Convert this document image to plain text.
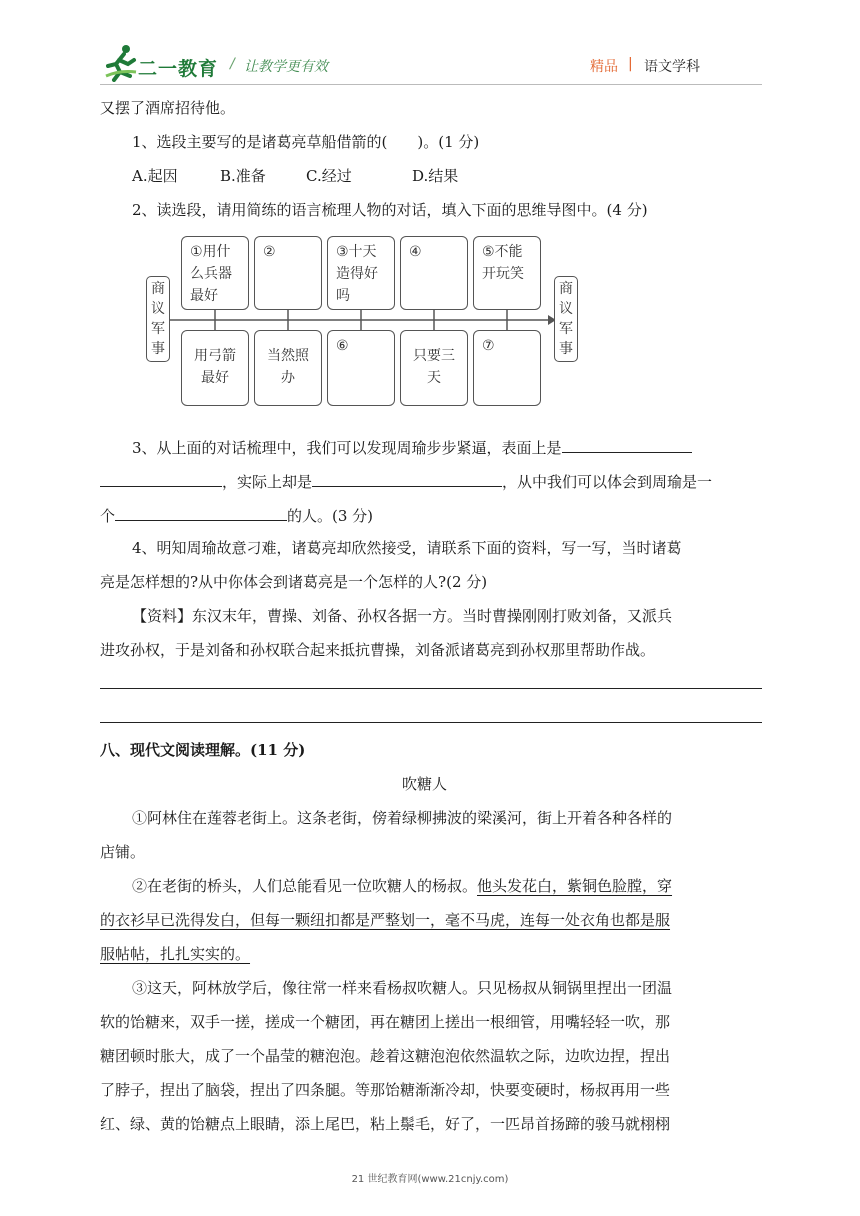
二一教育 / 让教学更有效	精品 | 语文学科
又摆了酒席招待他。
1、选段主要写的是诸葛亮草船借箭的(　　)。(1 分)
A.起因	B.准备	C.经过	D.结果
2、读选段，请用简练的语言梳理人物的对话，填入下面的思维导图中。(4 分)
商
议
军
事
商
议
军
事
①用什
么兵器
最好
②	③十天
造得好
吗
④	⑤不能
开玩笑
用弓箭
最好
当然照
办
⑥
只要三
天
⑦
3、从上面的对话梳理中，我们可以发现周瑜步步紧逼，表面上是
，实际上却是	，从中我们可以体会到周瑜是一
个	的人。(3 分)
4、明知周瑜故意刁难，诸葛亮却欣然接受，请联系下面的资料，写一写，当时诸葛
亮是怎样想的?从中你体会到诸葛亮是一个怎样的人?(2 分)
【资料】东汉末年，曹操、刘备、孙权各据一方。当时曹操刚刚打败刘备，又派兵
进攻孙权，于是刘备和孙权联合起来抵抗曹操，刘备派诸葛亮到孙权那里帮助作战。
八、现代文阅读理解。(11 分)
吹糖人
①阿林住在莲蓉老街上。这条老街，傍着绿柳拂波的梁溪河，街上开着各种各样的
店铺。
②在老街的桥头，人们总能看见一位吹糖人的杨叔。他头发花白，紫铜色脸膛，穿
的衣衫早已洗得发白，但每一颗纽扣都是严整划一，毫不马虎，连每一处衣角也都是服
服帖帖，扎扎实实的。
③这天，阿林放学后，像往常一样来看杨叔吹糖人。只见杨叔从铜锅里捏出一团温
软的饴糖来，双手一搓，搓成一个糖团，再在糖团上搓出一根细管，用嘴轻轻一吹，那
糖团顿时胀大，成了一个晶莹的糖泡泡。趁着这糖泡泡依然温软之际，边吹边捏，捏出
了脖子，捏出了脑袋，捏出了四条腿。等那饴糖渐渐冷却，快要变硬时，杨叔再用一些
红、绿、黄的饴糖点上眼睛，添上尾巴，粘上鬃毛，好了，一匹昂首扬蹄的骏马就栩栩
21 世纪教育网(www.21cnjy.com)
